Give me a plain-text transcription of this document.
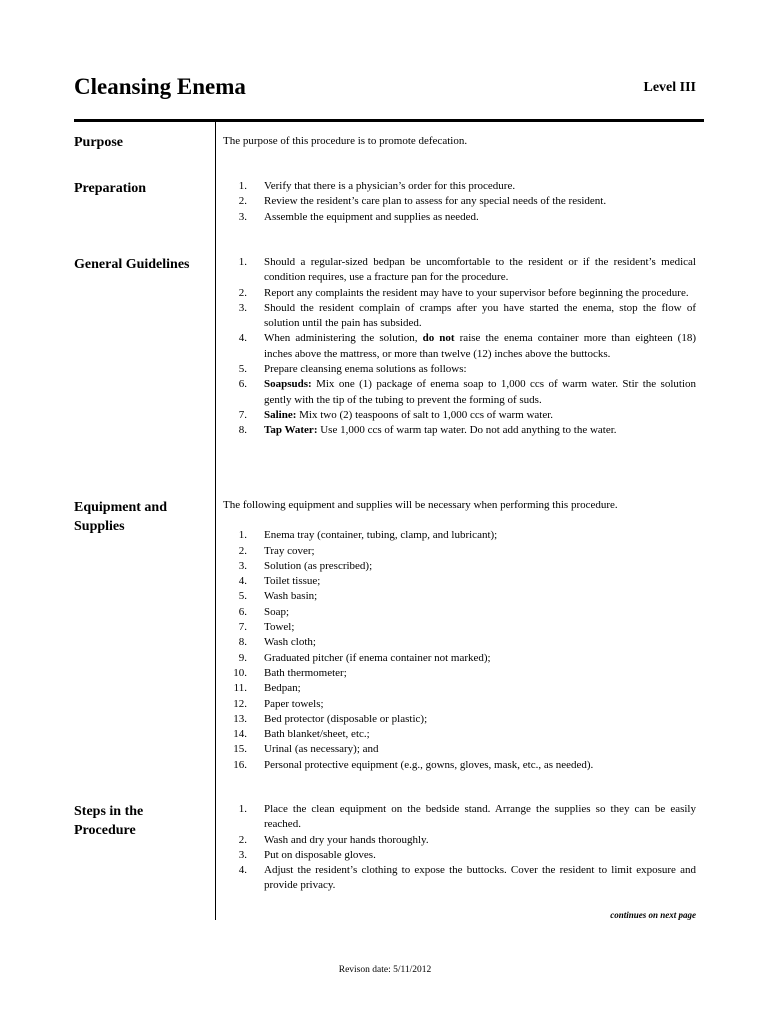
Cleansing Enema	Level III
Purpose	The purpose of this procedure is to promote defecation.

Preparation	1. Verify that there is a physician’s order for this procedure.
2. Review the resident’s care plan to assess for any special needs of the resident.
3. Assemble the equipment and supplies as needed.
General Guidelines	1. Should a regular-sized bedpan be uncomfortable to the resident or if the resident’s medical condition requires, use a fracture pan for the procedure.
2. Report any complaints the resident may have to your supervisor before beginning the procedure.
3. Should the resident complain of cramps after you have started the enema, stop the flow of solution until the pain has subsided.
4. When administering the solution, do not raise the enema container more than eighteen (18) inches above the mattress, or more than twelve (12) inches above the buttocks.
5. Prepare cleansing enema solutions as follows:
6. Soapsuds: Mix one (1) package of enema soap to 1,000 ccs of warm water. Stir the solution gently with the tip of the tubing to prevent the forming of suds.
7. Saline: Mix two (2) teaspoons of salt to 1,000 ccs of warm water.
8. Tap Water: Use 1,000 ccs of warm tap water. Do not add anything to the water.
Equipment and
Supplies

The following equipment and supplies will be necessary when performing this procedure.

1. Enema tray (container, tubing, clamp, and lubricant);
2. Tray cover;
3. Solution (as prescribed);
4. Toilet tissue;
5. Wash basin;
6. Soap;
7. Towel;
8. Wash cloth;
9. Graduated pitcher (if enema container not marked);
10. Bath thermometer;
11. Bedpan;
12. Paper towels;
13. Bed protector (disposable or plastic);
14. Bath blanket/sheet, etc.;
15. Urinal (as necessary); and
16. Personal protective equipment (e.g., gowns, gloves, mask, etc., as needed).
Steps in the
Procedure
1. Place the clean equipment on the bedside stand. Arrange the supplies so they can be easily reached.
2. Wash and dry your hands thoroughly.
3. Put on disposable gloves.
4. Adjust the resident’s clothing to expose the buttocks. Cover the resident to limit exposure and provide privacy.
continues on next page
Revison date: 5/11/2012
